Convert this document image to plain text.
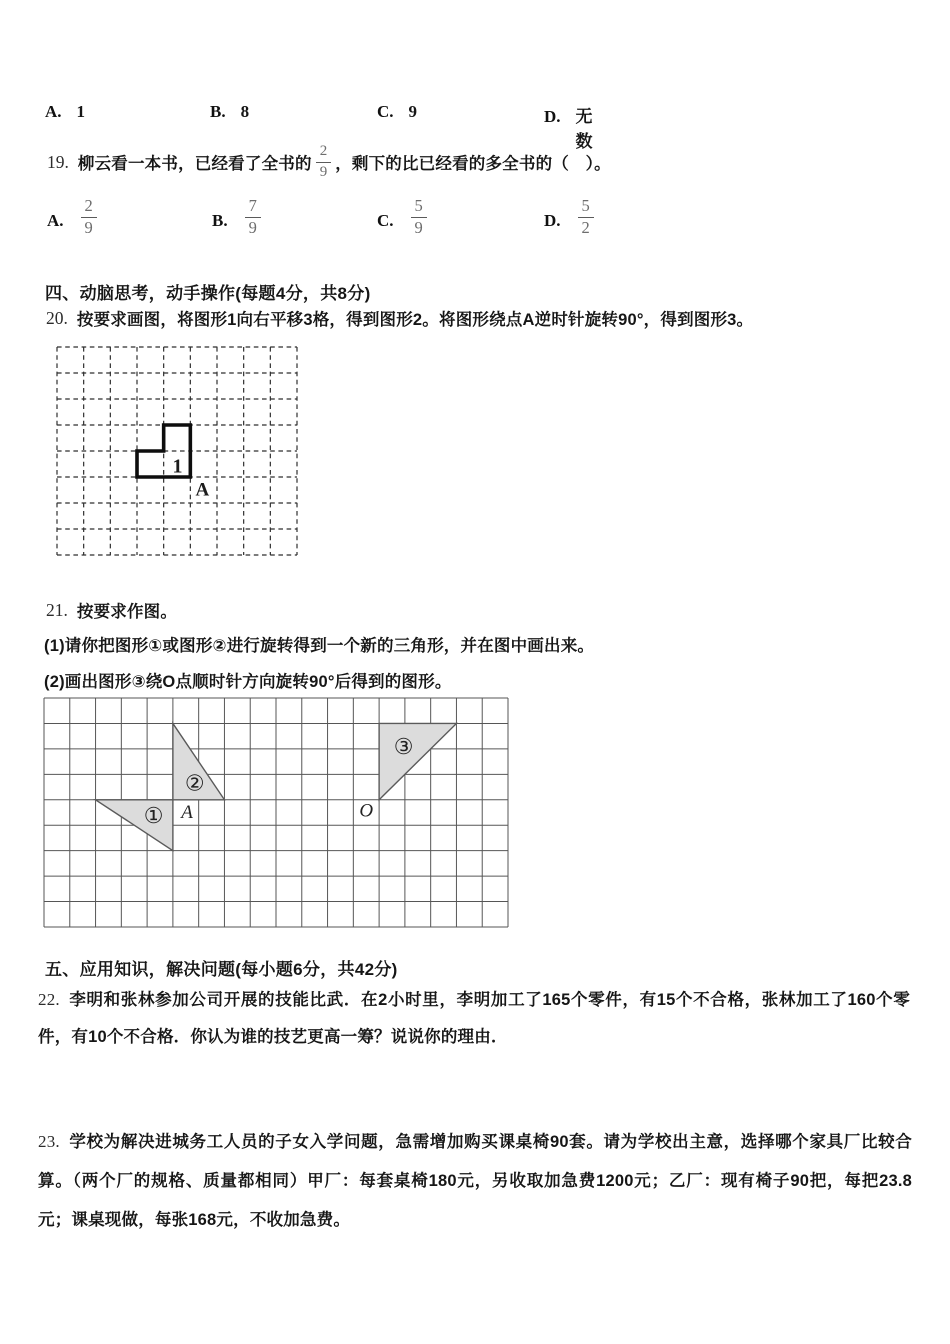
A. 1	B. 8	C. 9	D. 无数
19. 柳云看一本书，已经看了全书的 $\frac{2}{9}$ ，剩下的比已经看的多全书的（　）。
A. $\frac{2}{9}$	B. $\frac{7}{9}$	C. $\frac{5}{9}$	D. $\frac{5}{2}$
四、动脑思考，动手操作(每题4分，共8分)
20. 按要求画图，将图形1向右平移3格，得到图形2。将图形绕点A逆时针旋转90°，得到图形3。
1
A
21. 按要求作图。
(1)请你把图形①或图形②进行旋转得到一个新的三角形，并在图中画出来。
(2)画出图形③绕O点顺时针方向旋转90°后得到的图形。
①
②
③
A	O
五、应用知识，解决问题(每小题6分，共42分)
22. 李明和张林参加公司开展的技能比武．在2小时里，李明加工了165个零件，有15个不合格，张林加工了160个零件，有10个不合格．你认为谁的技艺更高一筹？说说你的理由．
23. 学校为解决进城务工人员的子女入学问题，急需增加购买课桌椅90套。请为学校出主意，选择哪个家具厂比较合算。（两个厂的规格、质量都相同）甲厂：每套桌椅180元，另收取加急费1200元；乙厂：现有椅子90把，每把23.8元；课桌现做，每张168元，不收加急费。
